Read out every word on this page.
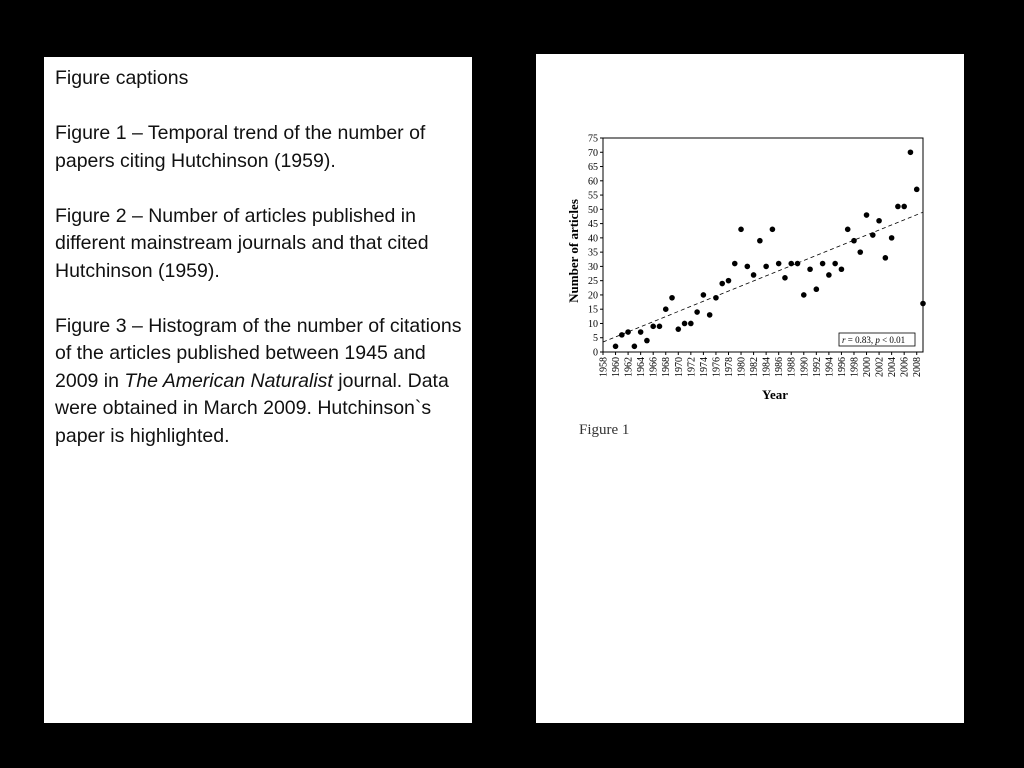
Figure captions

Figure 1 – Temporal trend of the number of papers citing Hutchinson (1959).

Figure 2 – Number of articles published in different mainstream journals and that cited Hutchinson (1959).

Figure 3 – Histogram of the number of citations of the articles published between 1945 and 2009 in The American Naturalist journal. Data were obtained in March 2009. Hutchinson`s paper is highlighted.

0
5
10
15
20
25
30
35
40
45
50
55
60
65
70
75
1958 1960 1962 1964 1966 1968 1970 1972 1974 1976 1978 1980 1982 1984 1986 1988 1990 1992 1994 1996 1998 2000 2002 2004 2006 2008
Year
Number of articles
r = 0.83, p < 0.01
Figure 1
